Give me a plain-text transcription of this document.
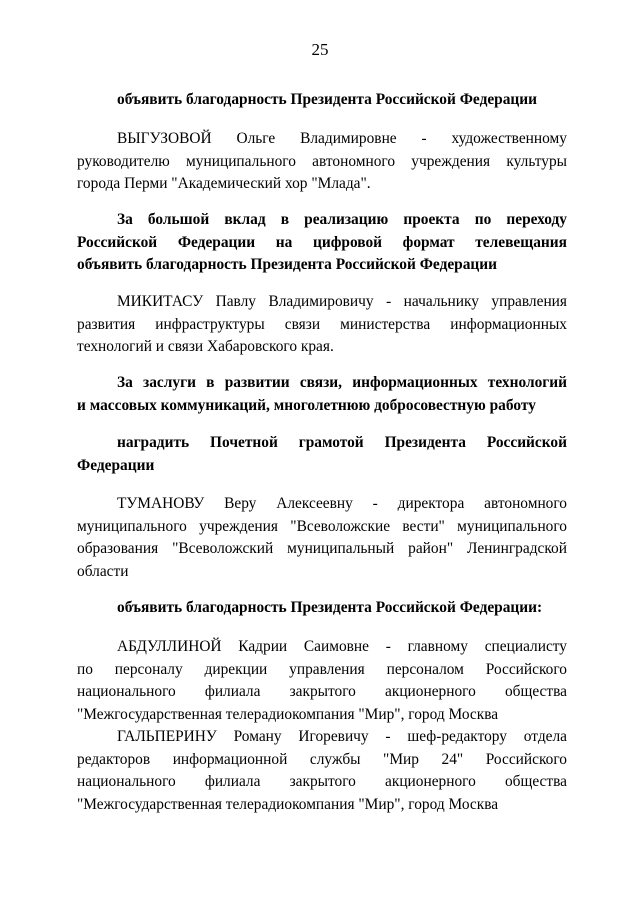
25
объявить благодарность Президента Российской Федерации
ВЫГУЗОВОЙ Ольге Владимировне - художественному
руководителю муниципального автономного учреждения культуры
города Перми "Академический хор "Млада".
За большой вклад в реализацию проекта по переходу
Российской Федерации на цифровой формат телевещания
объявить благодарность Президента Российской Федерации
МИКИТАСУ Павлу Владимировичу - начальнику управления
развития инфраструктуры связи министерства информационных
технологий и связи Хабаровского края.
За заслуги в развитии связи, информационных технологий
и массовых коммуникаций, многолетнюю добросовестную работу
наградить Почетной грамотой Президента Российской
Федерации
ТУМАНОВУ Веру Алексеевну - директора автономного
муниципального учреждения "Всеволожские вести" муниципального
образования "Всеволожский муниципальный район" Ленинградской
области
объявить благодарность Президента Российской Федерации:
АБДУЛЛИНОЙ Кадрии Саимовне - главному специалисту
по персоналу дирекции управления персоналом Российского
национального филиала закрытого акционерного общества
"Межгосударственная телерадиокомпания "Мир", город Москва
ГАЛЬПЕРИНУ Роману Игоревичу - шеф-редактору отдела
редакторов информационной службы "Мир 24" Российского
национального филиала закрытого акционерного общества
"Межгосударственная телерадиокомпания "Мир", город Москва
